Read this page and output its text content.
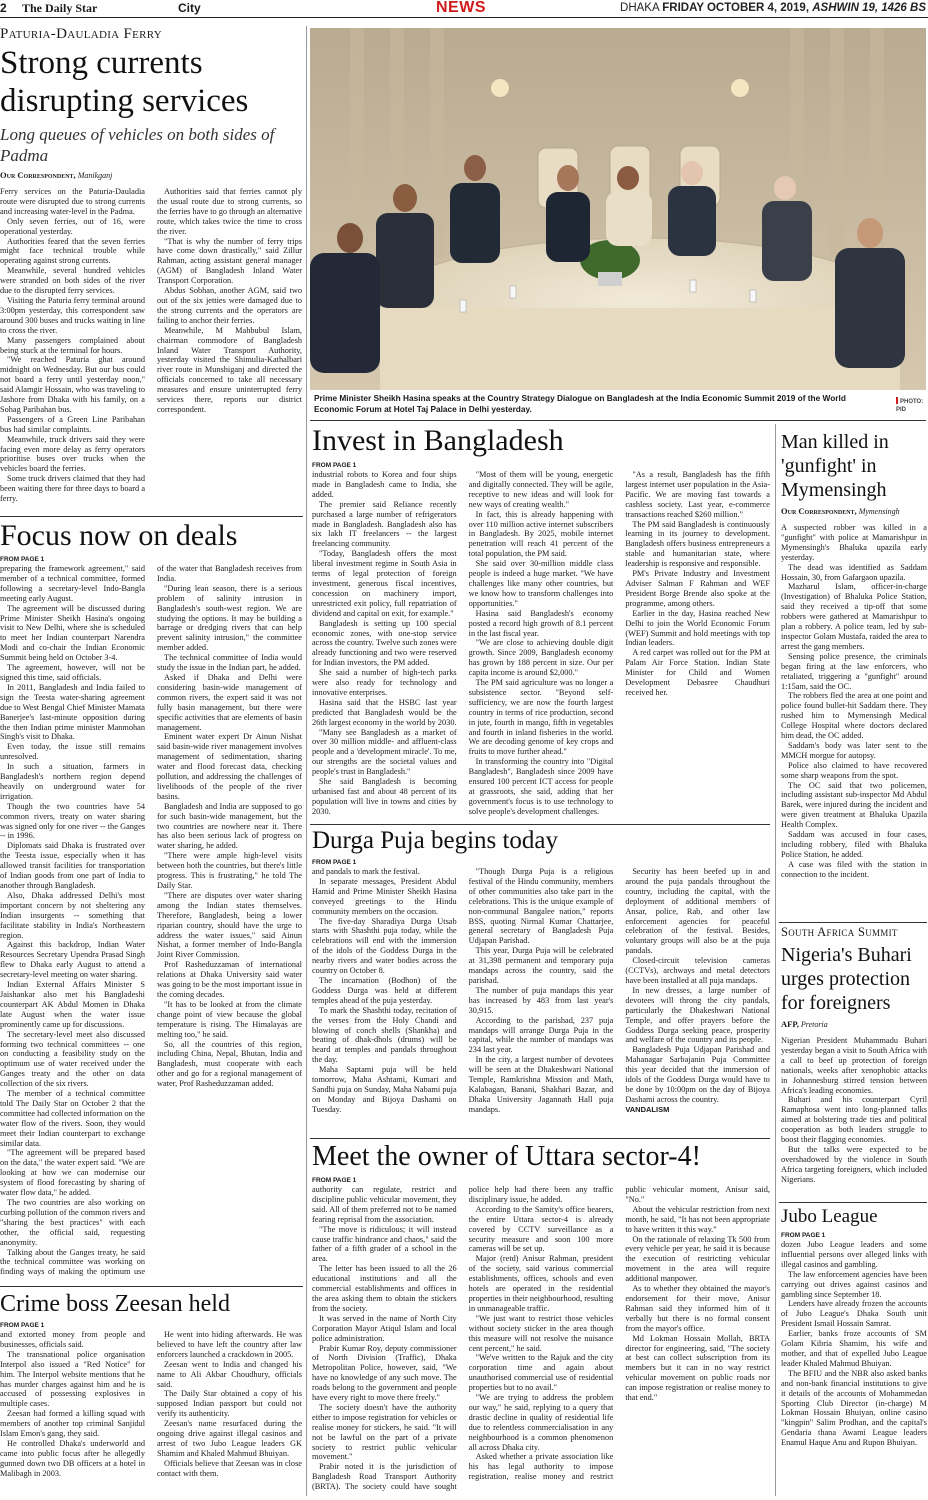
2	The Daily Star	City	NEWS	DHAKA FRIDAY OCTOBER 4, 2019, ASHWIN 19, 1426 BS
Paturia-Dauladia Ferry
Strong currents disrupting services
Long queues of vehicles on both sides of Padma
Our Correspondent, Manikganj

Ferry services on the Paturia-Dauladia route were disrupted due to strong currents and increasing water-level in the Padma.

Only seven ferries, out of 16, were operational yesterday.

Authorities feared that the seven ferries might face technical trouble while operating against strong currents.

Meanwhile, several hundred vehicles were stranded on both sides of the river due to the disrupted ferry services.

Visiting the Paturia ferry terminal around 3:00pm yesterday, this correspondent saw around 300 buses and trucks waiting in line to cross the river.

Many passengers complained about being stuck at the terminal for hours.

"We reached Paturia ghat around midnight on Wednesday. But our bus could not board a ferry until yesterday noon," said Alamgir Hossain, who was traveling to Jashore from Dhaka with his family, on a Sohag Paribahan bus.

Passengers of a Green Line Paribahan bus had similar complaints.

Meanwhile, truck drivers said they were facing even more delay as ferry operators prioritise buses over trucks when the vehicles board the ferries.

Some truck drivers claimed that they had been waiting there for three days to board a ferry.

Authorities said that ferries cannot ply the usual route due to strong currents, so the ferries have to go through an alternative route, which takes twice the time to cross the river.

"That is why the number of ferry trips have come down drastically," said Zillur Rahman, acting assistant general manager (AGM) of Bangladesh Inland Water Transport Corporation.

Abdus Sobhan, another AGM, said two out of the six jetties were damaged due to the strong currents and the operators are failing to anchor their ferries.

Meanwhile, M Mahbubul Islam, chairman commodore of Bangladesh Inland Water Transport Authority, yesterday visited the Shimulia-Kathalbari river route in Munshiganj and directed the officials concerned to take all necessary measures and ensure uninterrupted ferry services there, reports our district correspondent.

Focus now on deals
FROM PAGE 1

preparing the framework agreement," said member of a technical committee, formed following a secretary-level Indo-Bangla meeting early August.

The agreement will be discussed during Prime Minister Sheikh Hasina's ongoing visit to New Delhi, where she is scheduled to meet her Indian counterpart Narendra Modi and co-chair the Indian Economic Summit being held on October 3-4.

The agreement, however, will not be signed this time, said officials.

In 2011, Bangladesh and India failed to sign the Teesta water-sharing agreement due to West Bengal Chief Minister Mamata Banerjee's last-minute opposition during the then Indian prime minister Manmohan Singh's visit to Dhaka.

Even today, the issue still remains unresolved.

In such a situation, farmers in Bangladesh's northern region depend heavily on underground water for irrigation.

Though the two countries have 54 common rivers, treaty on water sharing was signed only for one river -- the Ganges -- in 1996.

Diplomats said Dhaka is frustrated over the Teesta issue, especially when it has allowed transit facilities for transportation of Indian goods from one part of India to another through Bangladesh.

Also, Dhaka addressed Delhi's most important concern by not sheltering any Indian insurgents -- something that facilitate stability in India's Northeastern region.

Against this backdrop, Indian Water Resources Secretary Upendra Prasad Singh flew to Dhaka early August to attend a secretary-level meeting on water sharing.

Indian External Affairs Minister S Jaishankar also met his Bangladeshi counterpart AK Abdul Momen in Dhaka late August when the water issue prominently came up for discussions.

The secretary-level meet also discussed forming two technical committees -- one on conducting a feasibility study on the optimum use of water received under the Ganges treaty and the other on data collection of the six rivers.

The member of a technical committee told The Daily Star on October 2 that the committee had collected information on the water flow of the rivers. Soon, they would meet their Indian counterpart to exchange similar data.

"The agreement will be prepared based on the data," the water expert said. "We are looking at how we can modernise our system of flood forecasting by sharing of water flow data," he added.

The two countries are also working on curbing pollution of the common rivers and "sharing the best practices" with each other, the official said, requesting anonymity.

Talking about the Ganges treaty, he said the technical committee was working on finding ways of making the optimum use of the water that Bangladesh receives from India.

"During lean season, there is a serious problem of salinity intrusion in Bangladesh's south-west region. We are studying the options. It may be building a barrage or dredging rivers that can help prevent salinity intrusion," the committee member added.

The technical committee of India would study the issue in the Indian part, he added.

Asked if Dhaka and Delhi were considering basin-wide management of common rivers, the expert said it was not fully basin management, but there were specific activities that are elements of basin management.

Eminent water expert Dr Ainun Nishat said basin-wide river management involves management of sedimentation, sharing water and flood forecast data, checking pollution, and addressing the challenges of livelihoods of the people of the river basins.

Bangladesh and India are supposed to go for such basin-wide management, but the two countries are nowhere near it. There has also been serious lack of progress on water sharing, he added.

"There were ample high-level visits between both the countries, but there's little progress. This is frustrating," he told The Daily Star.

"There are disputes over water sharing among the Indian states themselves. Therefore, Bangladesh, being a lower riparian country, should have the urge to address the water issues," said Ainun Nishat, a former member of Indo-Bangla Joint River Commission.

Prof Rasheduzzaman of international relations at Dhaka University said water was going to be the most important issue in the coming decades.

"It has to be looked at from the climate change point of view because the global temperature is rising. The Himalayas are melting too," he said.

So, all the countries of this region, including China, Nepal, Bhutan, India and Bangladesh, must cooperate with each other and go for a regional management of water, Prof Rasheduzzaman added.

Crime boss Zeesan held
FROM PAGE 1

and extorted money from people and businesses, officials said.

The transnational police organisation Interpol also issued a "Red Notice" for him. The Interpol website mentions that he has murder charges against him and he is accused of possessing explosives in multiple cases.

Zeesan had formed a killing squad with members of another top criminal Sanjidul Islam Emon's gang, they said.

He controlled Dhaka's underworld and came into public focus after he allegedly gunned down two DB officers at a hotel in Malibagh in 2003.

He went into hiding afterwards. He was believed to have left the country after law enforcers launched a crackdown in 2005.

Zeesan went to India and changed his name to Ali Akbar Choudhury, officials said.

The Daily Star obtained a copy of his supposed Indian passport but could not verify its authenticity.

Zeesan's name resurfaced during the ongoing drive against illegal casinos and arrest of two Jubo League leaders GK Shamim and Khaled Mahmud Bhuiyan.

Officials believe that Zeesan was in close contact with them.

Prime Minister Sheikh Hasina speaks at the Country Strategy Dialogue on Bangladesh at the India Economic Summit 2019 of the World Economic Forum at Hotel Taj Palace in Delhi yesterday.
PHOTO:
PID
Invest in Bangladesh
FROM PAGE 1

industrial robots to Korea and four ships made in Bangladesh came to India, she added.

The premier said Reliance recently purchased a large number of refrigerators made in Bangladesh. Bangladesh also has six lakh IT freelancers -- the largest freelancing community.

"Today, Bangladesh offers the most liberal investment regime in South Asia in terms of legal protection of foreign investment, generous fiscal incentives, concession on machinery import, unrestricted exit policy, full repatriation of dividend and capital on exit, for example."

Bangladesh is setting up 100 special economic zones, with one-stop service across the country. Twelve such zones were already functioning and two were reserved for Indian investors, the PM added.

She said a number of high-tech parks were also ready for technology and innovative enterprises.

Hasina said that the HSBC last year predicted that Bangladesh would be the 26th largest economy in the world by 2030.

"Many see Bangladesh as a market of over 30 million middle- and affluent-class people and a 'development miracle'. To me, our strengths are the societal values and people's trust in Bangladesh."

She said Bangladesh is becoming urbanised fast and about 48 percent of its population will live in towns and cities by 2030.

"Most of them will be young, energetic and digitally connected. They will be agile, receptive to new ideas and will look for new ways of creating wealth."

In fact, this is already happening with over 110 million active internet subscribers in Bangladesh. By 2025, mobile internet penetration will reach 41 percent of the total population, the PM said.

She said over 30-million middle class people is indeed a huge market. "We have challenges like many other countries, but we know how to transform challenges into opportunities."

Hasina said Bangladesh's economy posted a record high growth of 8.1 percent in the last fiscal year.

"We are close to achieving double digit growth. Since 2009, Bangladesh economy has grown by 188 percent in size. Our per capita income is around $2,000."

The PM said agriculture was no longer a subsistence sector. "Beyond self-sufficiency, we are now the fourth largest country in terms of rice production, second in jute, fourth in mango, fifth in vegetables and fourth in inland fisheries in the world. We are decoding genome of key crops and fruits to move further ahead."

In transforming the country into "Digital Bangladesh", Bangladesh since 2009 have ensured 100 percent ICT access for people at grassroots, she said, adding that her government's focus is to use technology to solve people's development challenges.

"As a result, Bangladesh has the fifth largest internet user population in the Asia-Pacific. We are moving fast towards a cashless society. Last year, e-commerce transactions reached $260 million."

The PM said Bangladesh is continuously learning in its journey to development. Bangladesh offers business entrepreneurs a stable and humanitarian state, where leadership is responsive and responsible.

PM's Private Industry and Investment Adviser Salman F Rahman and WEF President Borge Brende also spoke at the programme, among others.

Earlier in the day, Hasina reached New Delhi to join the World Economic Forum (WEF) Summit and hold meetings with top Indian leaders.

A red carpet was rolled out for the PM at Palam Air Force Station. Indian State Minister for Child and Women Development Debasree Chaudhuri received her.

Durga Puja begins today
FROM PAGE 1

and pandals to mark the festival.

In separate messages, President Abdul Hamid and Prime Minister Sheikh Hasina conveyed greetings to the Hindu community members on the occasion.

The five-day Sharadiya Durga Utsab starts with Shashthi puja today, while the celebrations will end with the immersion of the idols of the Goddess Durga in the nearby rivers and water bodies across the country on October 8.

The incarnation (Bodhon) of the Goddess Durga was held at different temples ahead of the puja yesterday.

To mark the Shashthi today, recitation of the verses from the Holy Chandi and blowing of conch shells (Shankha) and beating of dhak-dhols (drums) will be heard at temples and pandals throughout the day.

Maha Saptami puja will be held tomorrow, Maha Ashtami, Kumari and Sandhi puja on Sunday, Maha Nabami puja on Monday and Bijoya Dashami on Tuesday.

"Though Durga Puja is a religious festival of the Hindu community, members of other communities also take part in the celebrations. This is the unique example of non-communal Bangalee nation," reports BSS, quoting Nirmal Kumar Chattarjee, general secretary of Bangladesh Puja Udjapan Parishad.

This year, Durga Puja will be celebrated at 31,398 permanent and temporary puja mandaps across the country, said the parishad.

The number of puja mandaps this year has increased by 483 from last year's 30,915.

According to the parishad, 237 puja mandaps will arrange Durga Puja in the capital, while the number of mandaps was 234 last year.

In the city, a largest number of devotees will be seen at the Dhakeshwari National Temple, Ramkrishna Mission and Math, Kalabagan, Banani, Shakhari Bazar, and Dhaka University Jagannath Hall puja mandaps.

Security has been beefed up in and around the puja pandals throughout the country, including the capital, with the deployment of additional members of Ansar, police, Rab, and other law enforcement agencies for peaceful celebration of the festival. Besides, voluntary groups will also be at the puja pandals.

Closed-circuit television cameras (CCTVs), archways and metal detectors have been installed at all puja mandaps.

In new dresses, a large number of devotees will throng the city pandals, particularly the Dhakeshwari National Temple, and offer prayers before the Goddess Durga seeking peace, prosperity and welfare of the country and its people.

Bangladesh Puja Udjapan Parishad and Mahanagar Sarbajanin Puja Committee this year decided that the immersion of idols of the Goddess Durga would have to be done by 10:00pm on the day of Bijoya Dashami across the country.

VANDALISM

Meet the owner of Uttara sector-4!
FROM PAGE 1

authority can regulate, restrict and discipline public vehicular movement, they said. All of them preferred not to be named fearing reprisal from the association.

"The move is ridiculous; it will instead cause traffic hindrance and chaos," said the father of a fifth grader of a school in the area.

The letter has been issued to all the 26 educational institutions and all the commercial establishments and offices in the area asking them to obtain the stickers from the society.

It was served in the name of North City Corporation Mayor Atiqul Islam and local police administration.

Prabir Kumar Roy, deputy commissioner of North Division (Traffic), Dhaka Metropolitan Police, however, said, "We have no knowledge of any such move. The roads belong to the government and people have every right to move there freely."

The society doesn't have the authority either to impose registration for vehicles or realise money for stickers, he said. "It will not be lawful on the part of a private society to restrict public vehicular movement."

Prabir noted it is the jurisdiction of Bangladesh Road Transport Authority (BRTA). The society could have sought police help had there been any traffic disciplinary issue, he added.

According to the Samity's office bearers, the entire Uttara sector-4 is already covered by CCTV surveillance as a security measure and soon 100 more cameras will be set up.

Major (retd) Anisur Rahman, president of the society, said various commercial establishments, offices, schools and even hotels are operated in the residential properties in their neighbourhood, resulting in unmanageable traffic.

"We just want to restrict those vehicles without society sticker in the area though this measure will not resolve the nuisance cent percent," he said.

"We've written to the Rajuk and the city corporation time and again about unauthorised commercial use of residential properties but to no avail."

"We are trying to address the problem our way," he said, replying to a query that drastic decline in quality of residential life due to relentless commercialisation in any neighbourhood is a common phenomenon all across Dhaka city.

Asked whether a private association like his has legal authority to impose registration, realise money and restrict public vehicular moment, Anisur said, "No."

About the vehicular restriction from next month, he said, "It has not been appropriate to have written it this way."

On the rationale of relaxing Tk 500 from every vehicle per year, he said it is because the execution of restricting vehicular movement in the area will require additional manpower.

As to whether they obtained the mayor's endorsement for their move, Anisur Rahman said they informed him of it verbally but there is no formal consent from the mayor's office.

Md Lokman Hossain Mollah, BRTA director for engineering, said, "The society at best can collect subscription from its members but it can in no way restrict vehicular movement on public roads nor can impose registration or realise money to that end."

Man killed in 'gunfight' in Mymensingh
Our Correspondent, Mymensingh

A suspected robber was killed in a "gunfight" with police at Mamarishpur in Mymensingh's Bhaluka upazila early yesterday.

The dead was identified as Saddam Hossain, 30, from Gafargaon upazila.

Mazharul Islam, officer-in-charge (Investigation) of Bhaluka Police Station, said they received a tip-off that some robbers were gathered at Mamarishpur to plan a robbery. A police team, led by sub-inspector Golam Mustafa, raided the area to arrest the gang members.

Sensing police presence, the criminals began firing at the law enforcers, who retaliated, triggering a "gunfight" around 1:15am, said the OC.

The robbers fled the area at one point and police found bullet-hit Saddam there. They rushed him to Mymensingh Medical College Hospital where doctors declared him dead, the OC added.

Saddam's body was later sent to the MMCH morgue for autopsy.

Police also claimed to have recovered some sharp weapons from the spot.

The OC said that two policemen, including assistant sub-inspector Md Abdul Barek, were injured during the incident and were given treatment at Bhaluka Upazila Health Complex.

Saddam was accused in four cases, including robbery, filed with Bhaluka Police Station, he added.

A case was filed with the station in connection to the incident.

South Africa Summit
Nigeria's Buhari urges protection for foreigners
AFP, Pretoria

Nigerian President Muhammadu Buhari yesterday began a visit to South Africa with a call to beef up protection of foreign nationals, weeks after xenophobic attacks in Johannesburg stirred tension between Africa's leading economies.

Buhari and his counterpart Cyril Ramaphosa went into long-planned talks aimed at bolstering trade ties and political cooperation as both leaders struggle to boost their flagging economies.

But the talks were expected to be overshadowed by the violence in South Africa targeting foreigners, which included Nigerians.

Jubo League
FROM PAGE 1

dozen Jubo League leaders and some influential persons over alleged links with illegal casinos and gambling.

The law enforcement agencies have been carrying out drives against casinos and gambling since September 18.

Lenders have already frozen the accounts of Jubo League's Dhaka South unit President Ismail Hossain Samrat.

Earlier, banks froze accounts of SM Golam Kibria Shamim, his wife and mother, and that of expelled Jubo League leader Khaled Mahmud Bhuiyan.

The BFIU and the NBR also asked banks and non-bank financial institutions to give it details of the accounts of Mohammedan Sporting Club Director (in-charge) M Lokman Hossain Bhuiyan, online casino "kingpin" Salim Prodhan, and the capital's Gendaria thana Awami League leaders Enamul Haque Anu and Rupon Bhuiyan.
